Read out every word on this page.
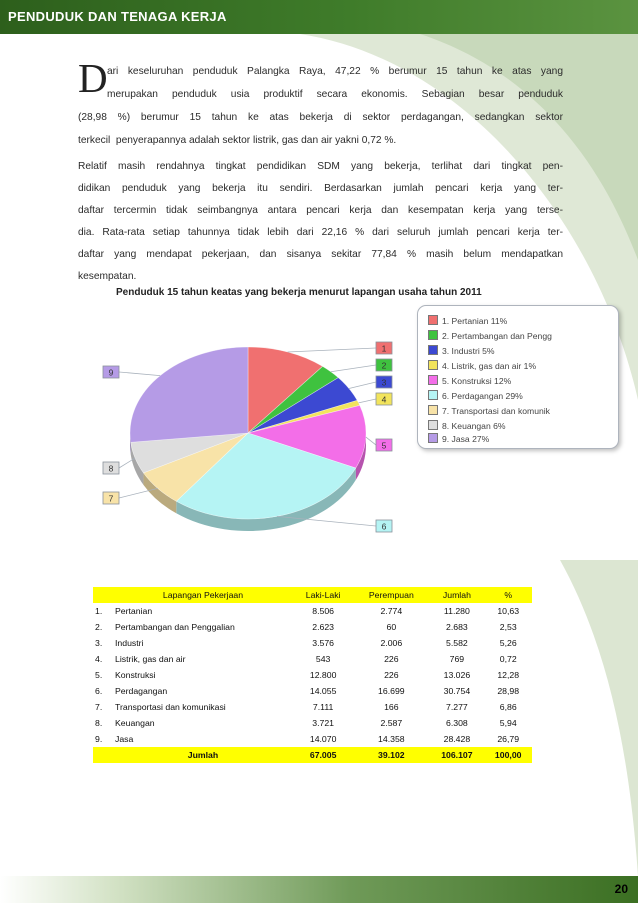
PENDUDUK DAN TENAGA KERJA
D ari keseluruhan penduduk Palangka Raya, 47,22 % berumur 15 tahun ke atas yang
merupakan penduduk usia produktif secara ekonomis. Sebagian besar penduduk
(28,98 %) berumur 15 tahun ke atas bekerja di sektor perdagangan, sedangkan sektor
terkecil  penyerapannya adalah sektor listrik, gas dan air yakni 0,72 %.
Relatif masih rendahnya tingkat pendidikan SDM yang bekerja, terlihat dari tingkat pen-
didikan penduduk yang bekerja itu sendiri. Berdasarkan jumlah pencari kerja yang ter-
daftar tercermin tidak seimbangnya antara pencari kerja dan kesempatan kerja yang terse-
dia. Rata-rata setiap tahunnya tidak lebih dari 22,16 % dari seluruh jumlah pencari kerja ter-
daftar yang mendapat pekerjaan, dan sisanya sekitar 77,84 % masih belum mendapatkan
kesempatan.
Penduduk 15 tahun keatas yang bekerja menurut lapangan usaha tahun 2011
1
2
3
4
5
6
7
8
9
1. Pertanian 11%
2. Pertambangan dan Pengg
3. Industri 5%
4. Listrik, gas dan air 1%
5. Konstruksi 12%
6. Perdagangan 29%
7. Transportasi dan komunik
8. Keuangan 6%
9. Jasa 27%
	Lapangan Pekerjaan	Laki-Laki	Perempuan	Jumlah	%
1.	Pertanian	8.506	2.774	11.280	10,63
2.	Pertambangan dan Penggalian	2.623	60	2.683	2,53
3.	Industri	3.576	2.006	5.582	5,26
4.	Listrik, gas dan air	543	226	769	0,72
5.	Konstruksi	12.800	226	13.026	12,28
6.	Perdagangan	14.055	16.699	30.754	28,98
7.	Transportasi dan komunikasi	7.111	166	7.277	6,86
8.	Keuangan	3.721	2.587	6.308	5,94
9.	Jasa	14.070	14.358	28.428	26,79
	Jumlah	67.005	39.102	106.107	100,00
20
